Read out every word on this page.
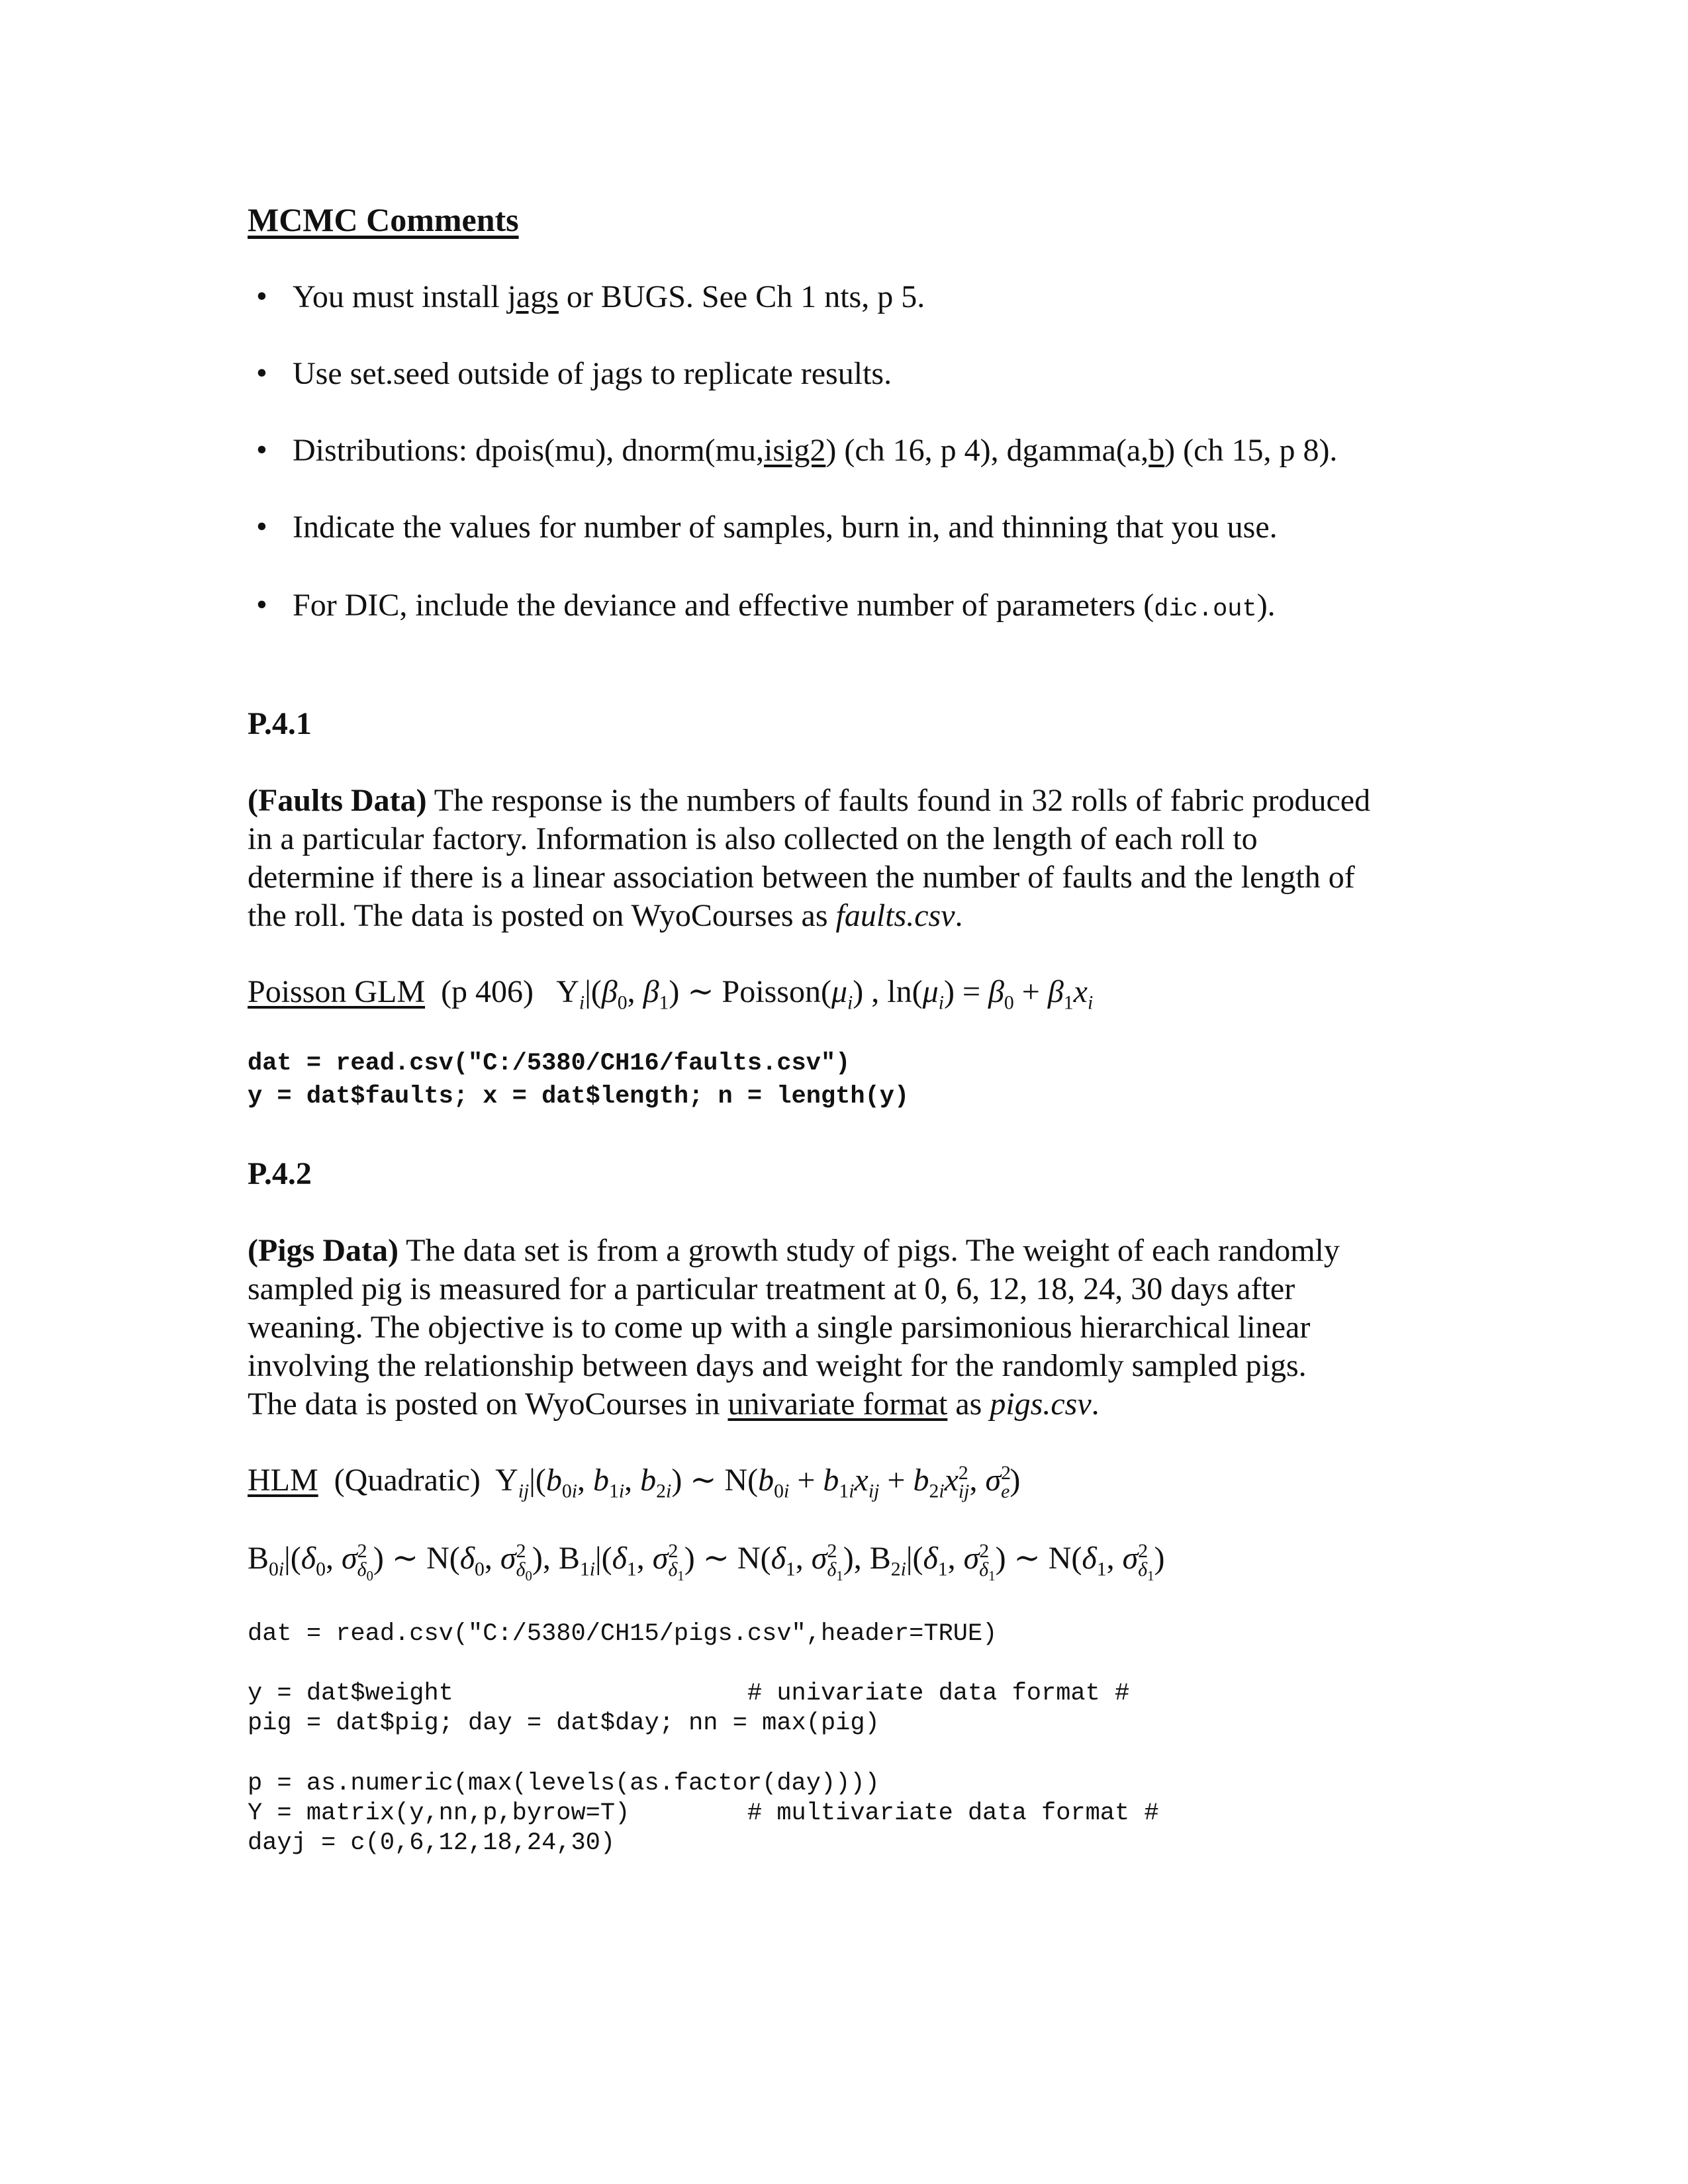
MCMC Comments
• You must install jags or BUGS. See Ch 1 nts, p 5.
• Use set.seed outside of jags to replicate results.
• Distributions: dpois(mu), dnorm(mu,isig2) (ch 16, p 4), dgamma(a,b) (ch 15, p 8).
• Indicate the values for number of samples, burn in, and thinning that you use.
• For DIC, include the deviance and effective number of parameters (dic.out).
P.4.1
(Faults Data) The response is the numbers of faults found in 32 rolls of fabric produced
in a particular factory. Information is also collected on the length of each roll to
determine if there is a linear association between the number of faults and the length of
the roll. The data is posted on WyoCourses as faults.csv.
Poisson GLM (p 406) $Y_i|(\beta_0$, $\beta_1$) ∼ $Poisson(\mu_i)$ , $\ln(\mu_i) = \beta_0 + \beta_1x_i$
dat = read.csv("C:/5380/CH16/faults.csv")
y = dat$faults; x = dat$length; n = length(y)
P.4.2
(Pigs Data) The data set is from a growth study of pigs. The weight of each randomly
sampled pig is measured for a particular treatment at 0, 6, 12, 18, 24, 30 days after
weaning. The objective is to come up with a single parsimonious hierarchical linear
involving the relationship between days and weight for the randomly sampled pigs.
The data is posted on WyoCourses in univariate format as pigs.csv.
HLM (Quadratic) $Y_{ij}|(b_{0i}$, $b_{1i}$, $b_{2i}$) ∼ $N(b_{0i} + b_{1i}x_{ij} + b_{2i}x^2_{ij}$, $\sigma^2_e$)
$B_{0i}|(\delta_0$, $\sigma^2_{\delta_0}$) ∼ $N(\delta_0$, $\sigma^2_{\delta_0}$), $B_{1i}|(\delta_1$, $\sigma^2_{\delta_1}$) ∼ $N(\delta_1$, $\sigma^2_{\delta_1}$), $B_{2i}|(\delta_1$, $\sigma^2_{\delta_1}$) ∼ $N(\delta_1$, $\sigma^2_{\delta_1}$)
dat = read.csv("C:/5380/CH15/pigs.csv",header=TRUE)
y = dat$weight                    # univariate data format #
pig = dat$pig; day = dat$day; nn = max(pig)
p = as.numeric(max(levels(as.factor(day))))
Y = matrix(y,nn,p,byrow=T)        # multivariate data format #
dayj = c(0,6,12,18,24,30)
